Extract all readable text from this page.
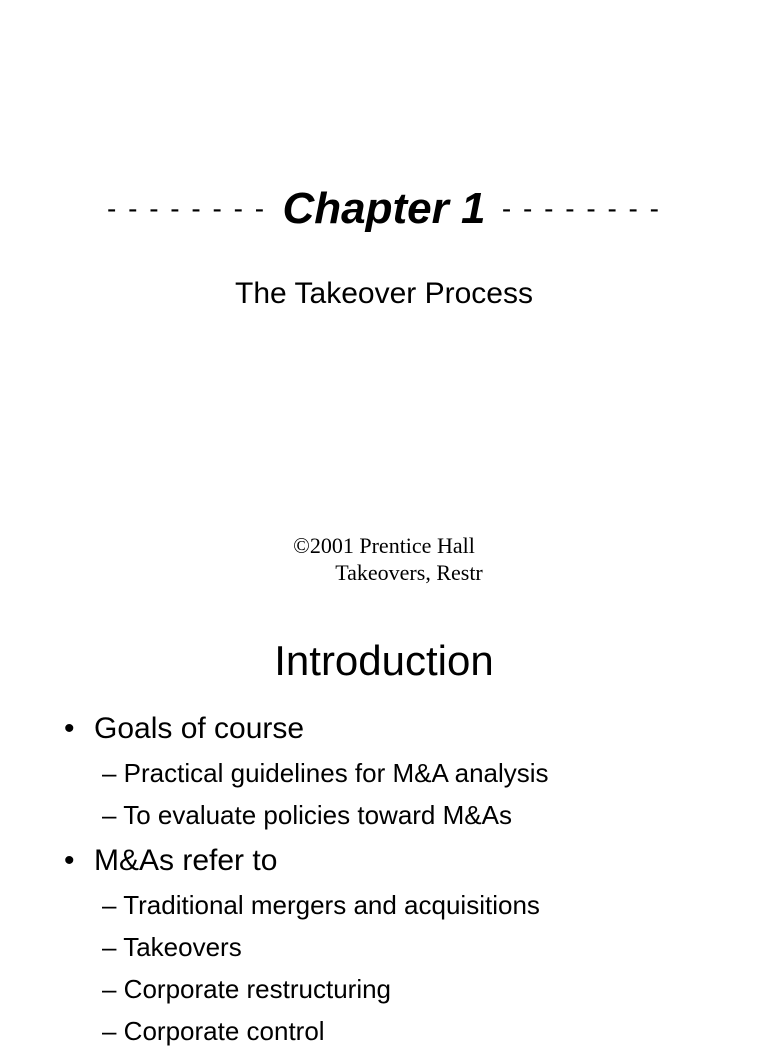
- - - - - - - - Chapter 1 - - - - - - - -
The Takeover Process
©2001 Prentice Hall
Takeovers, Restr
Introduction
• Goals of course
– Practical guidelines for M&A analysis
– To evaluate policies toward M&As
• M&As refer to
– Traditional mergers and acquisitions
– Takeovers
– Corporate restructuring
– Corporate control
